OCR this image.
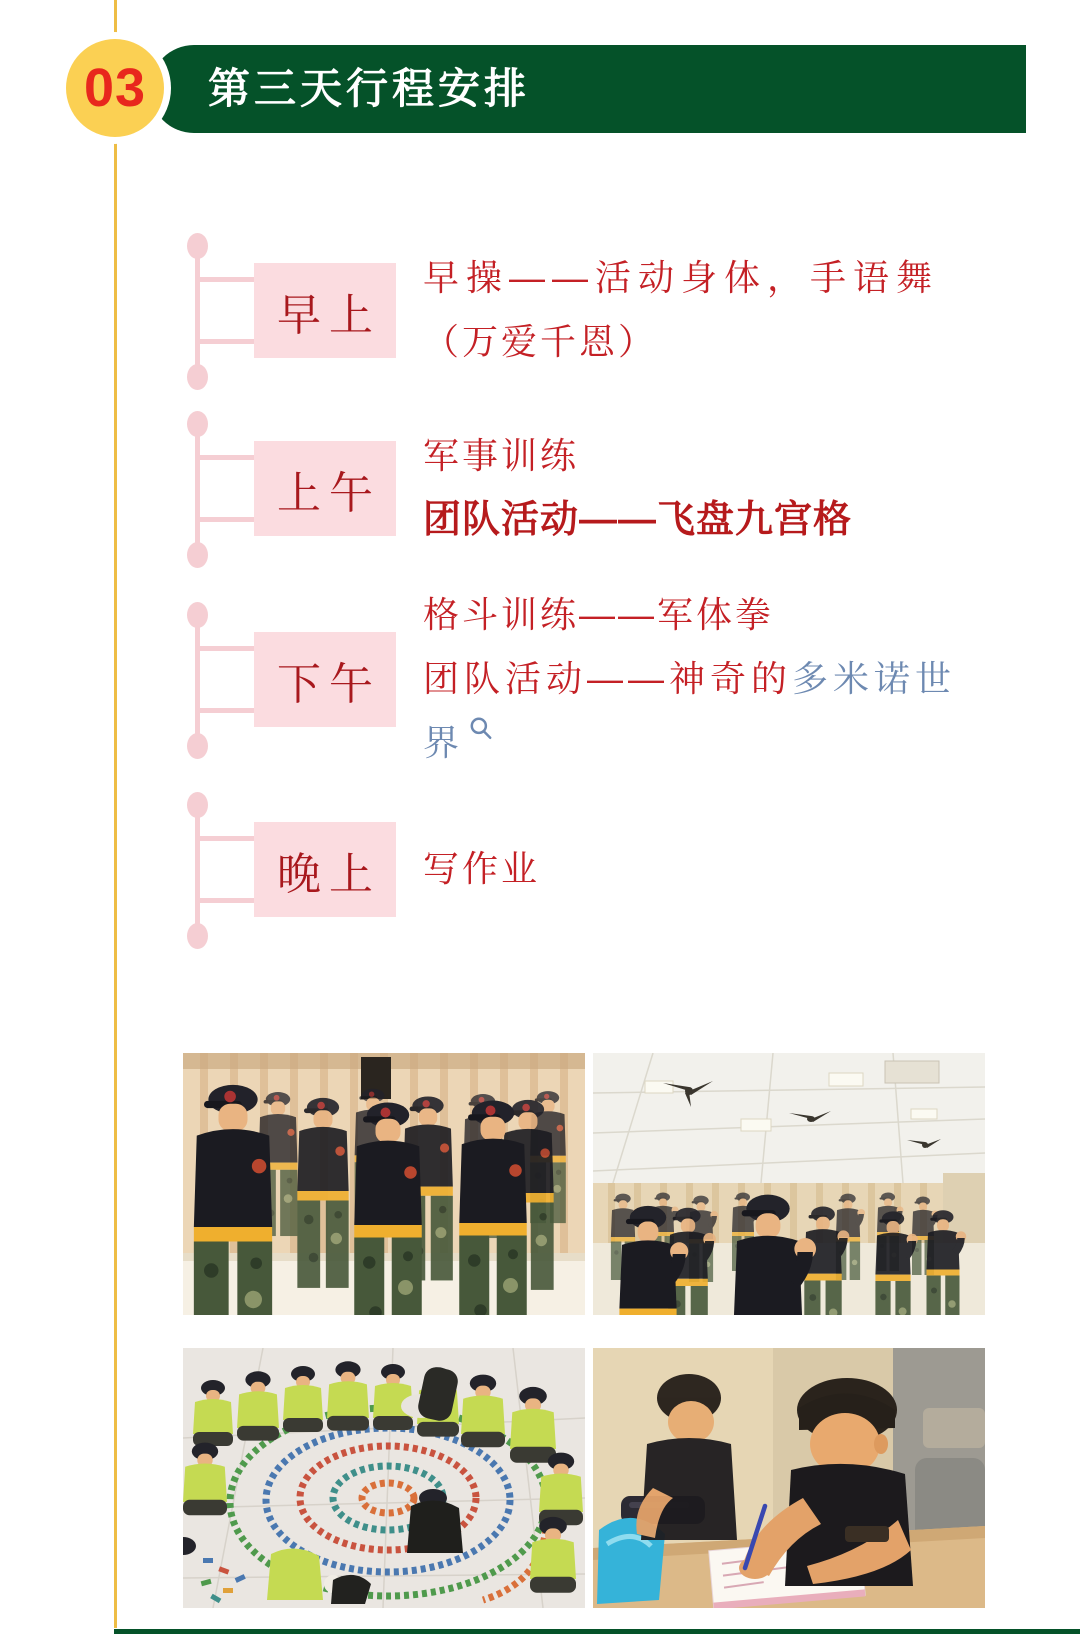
第三天行程安排
03
早上
早操——活动身体，手语舞
（万爱千恩）
上午
军事训练
团队活动——飞盘九宫格
下午
格斗训练——军体拳
团队活动——神奇的多米诺世
界
晚上 写作业
